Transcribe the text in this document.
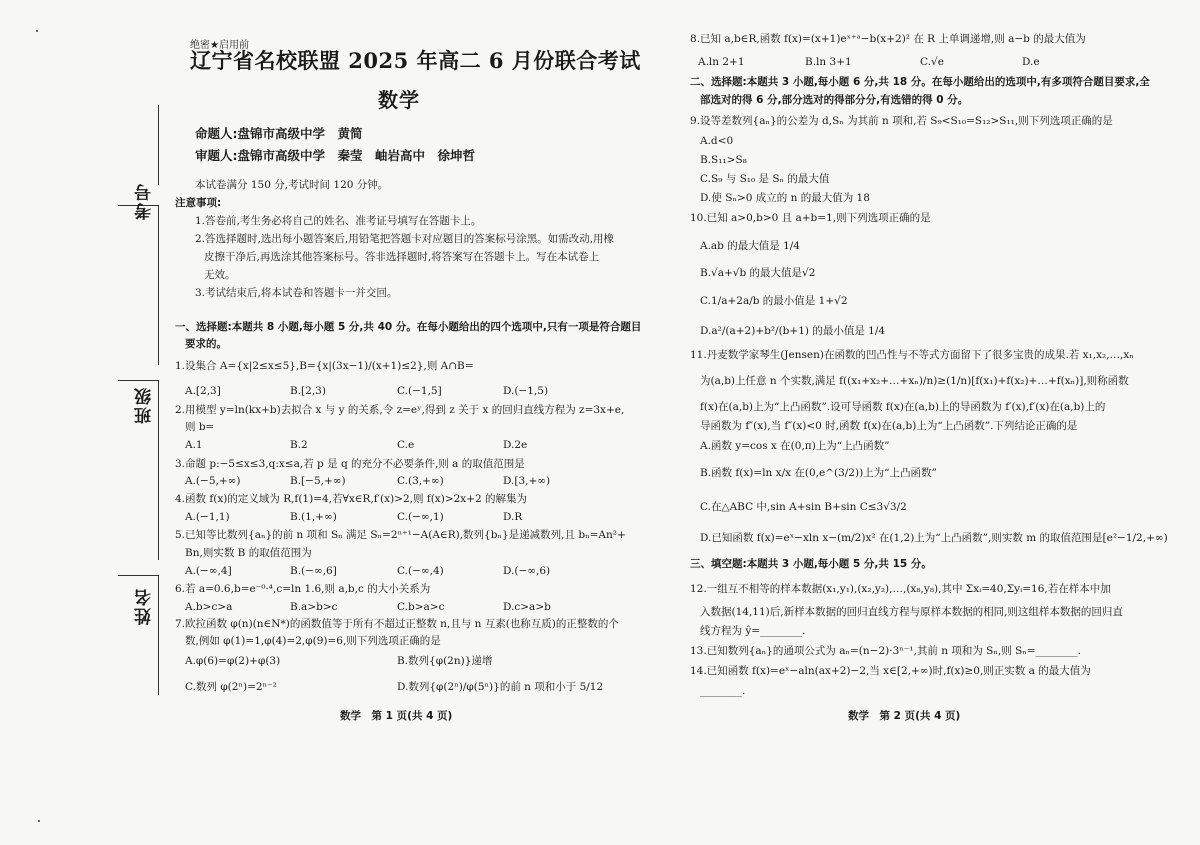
考号
班级
姓名
绝密★启用前
辽宁省名校联盟 2025 年高二 6 月份联合考试
数学
命题人:盘锦市高级中学　黄简
审题人:盘锦市高级中学　秦莹　岫岩高中　徐坤哲
本试卷满分 150 分,考试时间 120 分钟。
注意事项:
1.答卷前,考生务必将自己的姓名、准考证号填写在答题卡上。
2.答选择题时,选出每小题答案后,用铅笔把答题卡对应题目的答案标号涂黑。如需改动,用橡
皮擦干净后,再选涂其他答案标号。答非选择题时,将答案写在答题卡上。写在本试卷上
无效。
3.考试结束后,将本试卷和答题卡一并交回。
一、选择题:本题共 8 小题,每小题 5 分,共 40 分。在每小题给出的四个选项中,只有一项是符合题目
要求的。
1.设集合 A={x|2≤x≤5},B={x|(3x−1)/(x+1)≤2},则 A∩B=
A.[2,3]	B.[2,3)	C.(−1,5]	D.(−1,5)
2.用模型 y=ln(kx+b)去拟合 x 与 y 的关系,令 z=eʸ,得到 z 关于 x 的回归直线方程为 z=3x+e,
则 b=
A.1	B.2	C.e	D.2e
3.命题 p:−5≤x≤3,q:x≤a,若 p 是 q 的充分不必要条件,则 a 的取值范围是
A.(−5,+∞)	B.[−5,+∞)	C.(3,+∞)	D.[3,+∞)
4.函数 f(x)的定义域为 R,f(1)=4,若∀x∈R,f′(x)>2,则 f(x)>2x+2 的解集为
A.(−1,1)	B.(1,+∞)	C.(−∞,1)	D.R
5.已知等比数列{aₙ}的前 n 项和 Sₙ 满足 Sₙ=2ⁿ⁺¹−A(A∈R),数列{bₙ}是递减数列,且 bₙ=An²+
Bn,则实数 B 的取值范围为
A.(−∞,4]	B.(−∞,6]	C.(−∞,4)	D.(−∞,6)
6.若 a=0.6,b=e⁻⁰·⁴,c=ln 1.6,则 a,b,c 的大小关系为
A.b>c>a	B.a>b>c	C.b>a>c	D.c>a>b
7.欧拉函数 φ(n)(n∈N*)的函数值等于所有不超过正整数 n,且与 n 互素(也称互质)的正整数的个
数,例如 φ(1)=1,φ(4)=2,φ(9)=6,则下列选项正确的是
A.φ(6)=φ(2)+φ(3)	B.数列{φ(2n)}递增
C.数列 φ(2ⁿ)=2ⁿ⁻²	D.数列{φ(2ⁿ)/φ(5ⁿ)}的前 n 项和小于 5/12
数学　第 1 页(共 4 页)
8.已知 a,b∈R,函数 f(x)=(x+1)eˣ⁺ᵃ−b(x+2)² 在 R 上单调递增,则 a−b 的最大值为
A.ln 2+1	B.ln 3+1	C.√e	D.e
二、选择题:本题共 3 小题,每小题 6 分,共 18 分。在每小题给出的选项中,有多项符合题目要求,全
部选对的得 6 分,部分选对的得部分分,有选错的得 0 分。
9.设等差数列{aₙ}的公差为 d,Sₙ 为其前 n 项和,若 S₉<S₁₀=S₁₂>S₁₁,则下列选项正确的是
A.d<0
B.S₁₁>S₈
C.S₉ 与 S₁₀ 是 Sₙ 的最大值
D.使 Sₙ>0 成立的 n 的最大值为 18
10.已知 a>0,b>0 且 a+b=1,则下列选项正确的是
A.ab 的最大值是 1/4
B.√a+√b 的最大值是√2
C.1/a+2a/b 的最小值是 1+√2
D.a²/(a+2)+b²/(b+1) 的最小值是 1/4
11.丹麦数学家琴生(Jensen)在函数的凹凸性与不等式方面留下了很多宝贵的成果.若 x₁,x₂,…,xₙ
为(a,b)上任意 n 个实数,满足 f((x₁+x₂+…+xₙ)/n)≥(1/n)[f(x₁)+f(x₂)+…+f(xₙ)],则称函数
f(x)在(a,b)上为“上凸函数”.设可导函数 f(x)在(a,b)上的导函数为 f′(x),f′(x)在(a,b)上的
导函数为 f″(x),当 f″(x)<0 时,函数 f(x)在(a,b)上为“上凸函数”.下列结论正确的是
A.函数 y=cos x 在(0,π)上为“上凸函数”
B.函数 f(x)=ln x/x 在(0,e^(3/2))上为“上凸函数”
C.在△ABC 中,sin A+sin B+sin C≤3√3/2
D.已知函数 f(x)=eˣ−xln x−(m/2)x² 在(1,2)上为“上凸函数”,则实数 m 的取值范围是[e²−1/2,+∞)
三、填空题:本题共 3 小题,每小题 5 分,共 15 分。
12.一组互不相等的样本数据(x₁,y₁),(x₂,y₂),…,(x₈,y₈),其中 Σxᵢ=40,Σyᵢ=16,若在样本中加
入数据(14,11)后,新样本数据的回归直线方程与原样本数据的相同,则这组样本数据的回归直
线方程为 ŷ=________.
13.已知数列{aₙ}的通项公式为 aₙ=(n−2)·3ⁿ⁻¹,其前 n 项和为 Sₙ,则 Sₙ=________.
14.已知函数 f(x)=eˣ−aln(ax+2)−2,当 x∈[2,+∞)时,f(x)≥0,则正实数 a 的最大值为
________.
数学　第 2 页(共 4 页)
